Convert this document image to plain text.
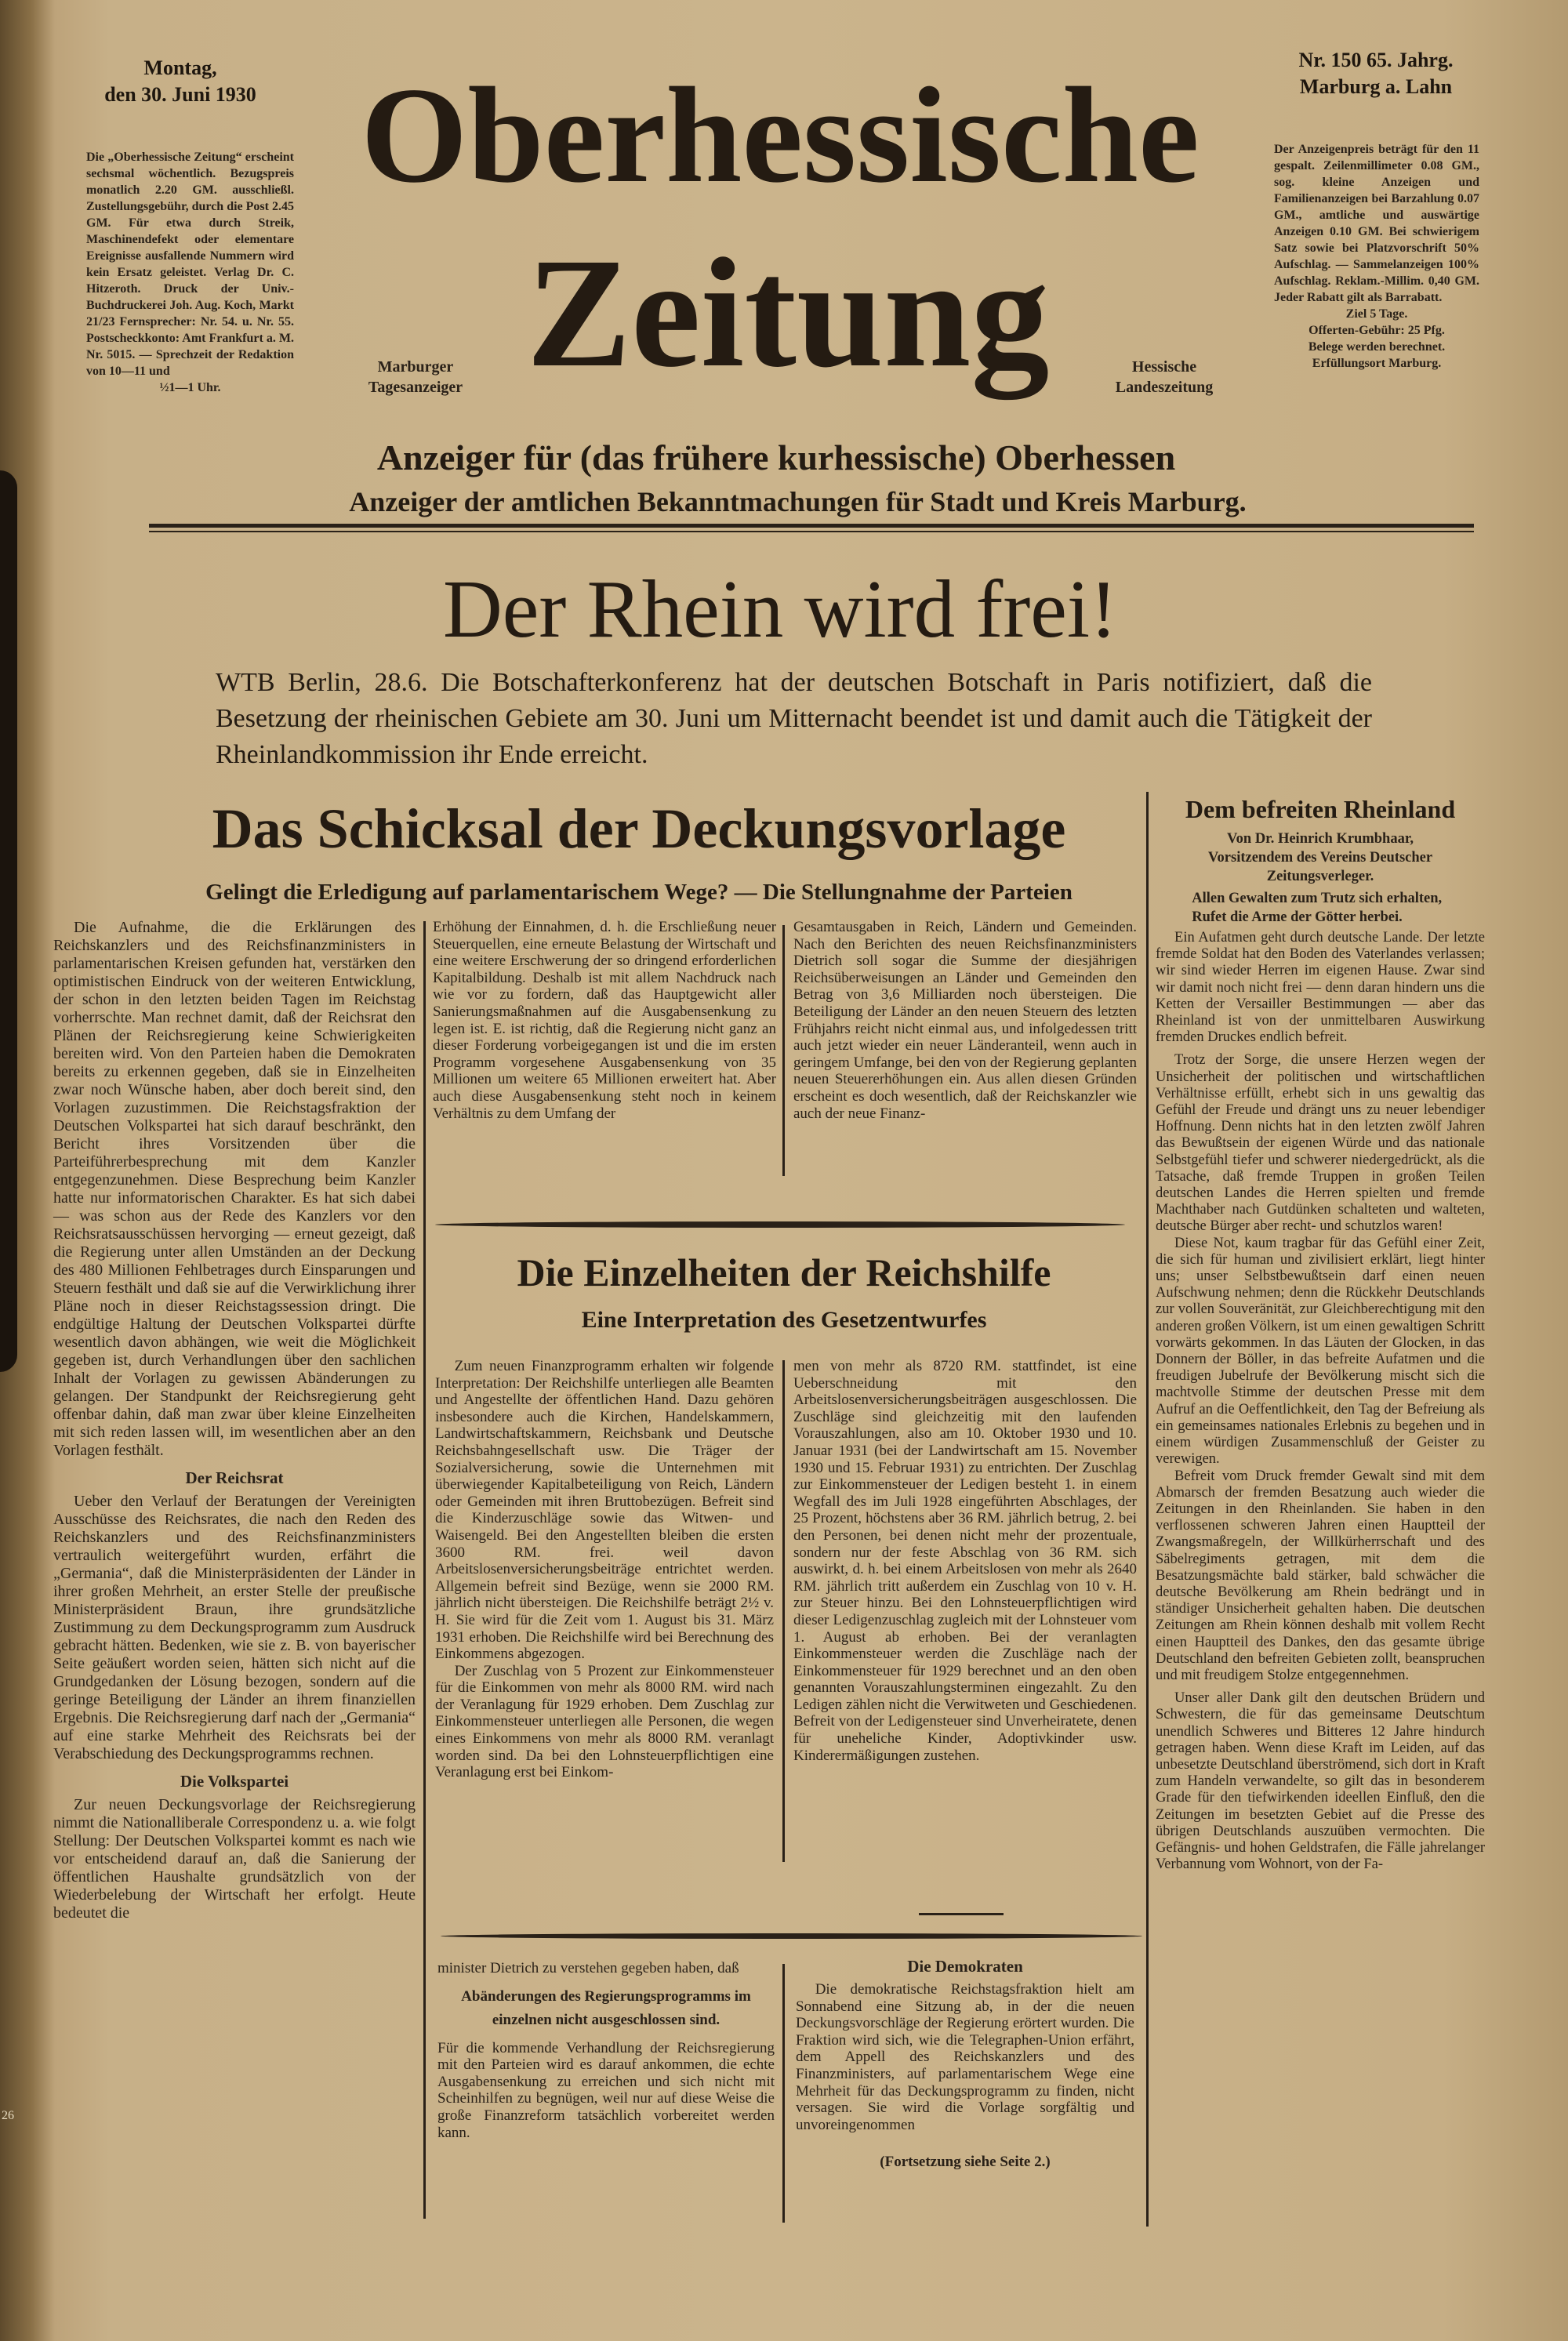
26
Montag,
den 30. Juni 1930
Nr. 150 65. Jahrg.
Marburg a. Lahn
Die „Oberhessische Zeitung“ erscheint sechsmal wöchentlich. Bezugspreis monatlich 2.20 GM. ausschließl. Zustellungsgebühr, durch die Post 2.45 GM. Für etwa durch Streik, Maschinendefekt oder elementare Ereignisse ausfallende Nummern wird kein Ersatz geleistet. Verlag Dr. C. Hitzeroth. Druck der Univ.-Buchdruckerei Joh. Aug. Koch, Markt 21/23 Fernsprecher: Nr. 54. u. Nr. 55. Postscheckkonto: Amt Frankfurt a. M. Nr. 5015. — Sprechzeit der Redaktion von 10—11 und
½1—1 Uhr.
Der Anzeigenpreis beträgt für den 11 gespalt. Zeilenmillimeter 0.08 GM., sog. kleine Anzeigen und Familienanzeigen bei Barzahlung 0.07 GM., amtliche und auswärtige Anzeigen 0.10 GM. Bei schwierigem Satz sowie bei Platzvorschrift 50% Aufschlag. — Sammelanzeigen 100% Aufschlag. Reklam.-Millim. 0,40 GM. Jeder Rabatt gilt als Barrabatt.
Ziel 5 Tage.
Offerten-Gebühr: 25 Pfg.
Belege werden berechnet.
Erfüllungsort Marburg.
Oberhessische
Zeitung
Marburger
Tagesanzeiger
Hessische
Landeszeitung
Anzeiger für (das frühere kurhessische) Oberhessen
Anzeiger der amtlichen Bekanntmachungen für Stadt und Kreis Marburg.
Der Rhein wird frei!
WTB Berlin, 28.6. Die Botschafterkonferenz hat der deutschen Botschaft in Paris notifiziert, daß die Besetzung der rheinischen Gebiete am 30. Juni um Mitternacht beendet ist und damit auch die Tätigkeit der Rheinlandkommission ihr Ende erreicht.
Das Schicksal der Deckungsvorlage
Gelingt die Erledigung auf parlamentarischem Wege? — Die Stellungnahme der Parteien

Die Aufnahme, die die Erklärungen des Reichskanzlers und des Reichsfinanzministers in parlamentarischen Kreisen gefunden hat, verstärken den optimistischen Eindruck von der weiteren Entwicklung, der schon in den letzten beiden Tagen im Reichstag vorherrschte. Man rechnet damit, daß der Reichsrat den Plänen der Reichsregierung keine Schwierigkeiten bereiten wird. Von den Parteien haben die Demokraten bereits zu erkennen gegeben, daß sie in Einzelheiten zwar noch Wünsche haben, aber doch bereit sind, den Vorlagen zuzustimmen. Die Reichstagsfraktion der Deutschen Volkspartei hat sich darauf beschränkt, den Bericht ihres Vorsitzenden über die Parteiführerbesprechung mit dem Kanzler entgegenzunehmen. Diese Besprechung beim Kanzler hatte nur informatorischen Charakter. Es hat sich dabei — was schon aus der Rede des Kanzlers vor den Reichsratsausschüssen hervorging — erneut gezeigt, daß die Regierung unter allen Umständen an der Deckung des 480 Millionen Fehlbetrages durch Einsparungen und Steuern festhält und daß sie auf die Verwirklichung ihrer Pläne noch in dieser Reichstagssession dringt. Die endgültige Haltung der Deutschen Volkspartei dürfte wesentlich davon abhängen, wie weit die Möglichkeit gegeben ist, durch Verhandlungen über den sachlichen Inhalt der Vorlagen zu gewissen Abänderungen zu gelangen. Der Standpunkt der Reichsregierung geht offenbar dahin, daß man zwar über kleine Einzelheiten mit sich reden lassen will, im wesentlichen aber an den Vorlagen festhält.

Der Reichsrat

Ueber den Verlauf der Beratungen der Vereinigten Ausschüsse des Reichsrates, die nach den Reden des Reichskanzlers und des Reichsfinanzministers vertraulich weitergeführt wurden, erfährt die „Germania“, daß die Ministerpräsidenten der Länder in ihrer großen Mehrheit, an erster Stelle der preußische Ministerpräsident Braun, ihre grundsätzliche Zustimmung zu dem Deckungsprogramm zum Ausdruck gebracht hätten. Bedenken, wie sie z. B. von bayerischer Seite geäußert worden seien, hätten sich nicht auf die Grundgedanken der Lösung bezogen, sondern auf die geringe Beteiligung der Länder an ihrem finanziellen Ergebnis. Die Reichsregierung darf nach der „Germania“ auf eine starke Mehrheit des Reichsrats bei der Verabschiedung des Deckungsprogramms rechnen.

Die Volkspartei

Zur neuen Deckungsvorlage der Reichsregierung nimmt die Nationalliberale Correspondenz u. a. wie folgt Stellung: Der Deutschen Volkspartei kommt es nach wie vor entscheidend darauf an, daß die Sanierung der öffentlichen Haushalte grundsätzlich von der Wiederbelebung der Wirtschaft her erfolgt. Heute bedeutet die

Erhöhung der Einnahmen, d. h. die Erschließung neuer Steuerquellen, eine erneute Belastung der Wirtschaft und eine weitere Erschwerung der so dringend erforderlichen Kapitalbildung. Deshalb ist mit allem Nachdruck nach wie vor zu fordern, daß das Hauptgewicht aller Sanierungsmaßnahmen auf die Ausgabensenkung zu legen ist. E. ist richtig, daß die Regierung nicht ganz an dieser Forderung vorbeigegangen ist und die im ersten Programm vorgesehene Ausgabensenkung von 35 Millionen um weitere 65 Millionen erweitert hat. Aber auch diese Ausgabensenkung steht noch in keinem Verhältnis zu dem Umfang der

Gesamtausgaben in Reich, Ländern und Gemeinden. Nach den Berichten des neuen Reichsfinanzministers Dietrich soll sogar die Summe der diesjährigen Reichsüberweisungen an Länder und Gemeinden den Betrag von 3,6 Milliarden noch übersteigen. Die Beteiligung der Länder an den neuen Steuern des letzten Frühjahrs reicht nicht einmal aus, und infolgedessen tritt auch jetzt wieder ein neuer Länderanteil, wenn auch in geringem Umfange, bei den von der Regierung geplanten neuen Steuererhöhungen ein. Aus allen diesen Gründen erscheint es doch wesentlich, daß der Reichskanzler wie auch der neue Finanz-

Die Einzelheiten der Reichshilfe
Eine Interpretation des Gesetzentwurfes

Zum neuen Finanzprogramm erhalten wir folgende Interpretation: Der Reichshilfe unterliegen alle Beamten und Angestellte der öffentlichen Hand. Dazu gehören insbesondere auch die Kirchen, Handelskammern, Landwirtschaftskammern, Reichsbank und Deutsche Reichsbahngesellschaft usw. Die Träger der Sozialversicherung, sowie die Unternehmen mit überwiegender Kapitalbeteiligung von Reich, Ländern oder Gemeinden mit ihren Bruttobezügen. Befreit sind die Kinderzuschläge sowie das Witwen- und Waisengeld. Bei den Angestellten bleiben die ersten 3600 RM. frei. weil davon Arbeitslosenversicherungsbeiträge entrichtet werden. Allgemein befreit sind Bezüge, wenn sie 2000 RM. jährlich nicht übersteigen. Die Reichshilfe beträgt 2½ v. H. Sie wird für die Zeit vom 1. August bis 31. März 1931 erhoben. Die Reichshilfe wird bei Berechnung des Einkommens abgezogen.

Der Zuschlag von 5 Prozent zur Einkommensteuer für die Einkommen von mehr als 8000 RM. wird nach der Veranlagung für 1929 erhoben. Dem Zuschlag zur Einkommensteuer unterliegen alle Personen, die wegen eines Einkommens von mehr als 8000 RM. veranlagt worden sind. Da bei den Lohnsteuerpflichtigen eine Veranlagung erst bei Einkom-

men von mehr als 8720 RM. stattfindet, ist eine Ueberschneidung mit den Arbeitslosenversicherungsbeiträgen ausgeschlossen. Die Zuschläge sind gleichzeitig mit den laufenden Vorauszahlungen, also am 10. Oktober 1930 und 10. Januar 1931 (bei der Landwirtschaft am 15. November 1930 und 15. Februar 1931) zu entrichten. Der Zuschlag zur Einkommensteuer der Ledigen besteht 1. in einem Wegfall des im Juli 1928 eingeführten Abschlages, der 25 Prozent, höchstens aber 36 RM. jährlich betrug, 2. bei den Personen, bei denen nicht mehr der prozentuale, sondern nur der feste Abschlag von 36 RM. sich auswirkt, d. h. bei einem Arbeitslosen von mehr als 2640 RM. jährlich tritt außerdem ein Zuschlag von 10 v. H. zur Steuer hinzu. Bei den Lohnsteuerpflichtigen wird dieser Ledigenzuschlag zugleich mit der Lohnsteuer vom 1. August ab erhoben. Bei der veranlagten Einkommensteuer werden die Zuschläge nach der Einkommensteuer für 1929 berechnet und an den oben genannten Vorauszahlungsterminen eingezahlt. Zu den Ledigen zählen nicht die Verwitweten und Geschiedenen. Befreit von der Ledigensteuer sind Unverheiratete, denen für uneheliche Kinder, Adoptivkinder usw. Kinderermäßigungen zustehen.

minister Dietrich zu verstehen gegeben haben, daß

Abänderungen des Regierungsprogramms im einzelnen nicht ausgeschlossen sind.

Für die kommende Verhandlung der Reichsregierung mit den Parteien wird es darauf ankommen, die echte Ausgabensenkung zu erreichen und sich nicht mit Scheinhilfen zu begnügen, weil nur auf diese Weise die große Finanzreform tatsächlich vorbereitet werden kann.

Die Demokraten

Die demokratische Reichstagsfraktion hielt am Sonnabend eine Sitzung ab, in der die neuen Deckungsvorschläge der Regierung erörtert wurden. Die Fraktion wird sich, wie die Telegraphen-Union erfährt, dem Appell des Reichskanzlers und des Finanzministers, auf parlamentarischem Wege eine Mehrheit für das Deckungsprogramm zu finden, nicht versagen. Sie wird die Vorlage sorgfältig und unvoreingenommen

(Fortsetzung siehe Seite 2.)
Dem befreiten Rheinland
Von Dr. Heinrich Krumbhaar,
Vorsitzendem des Vereins Deutscher
Zeitungsverleger.
Allen Gewalten zum Trutz sich erhalten,
Rufet die Arme der Götter herbei.

Ein Aufatmen geht durch deutsche Lande. Der letzte fremde Soldat hat den Boden des Vaterlandes verlassen; wir sind wieder Herren im eigenen Hause. Zwar sind wir damit noch nicht frei — denn daran hindern uns die Ketten der Versailler Bestimmungen — aber das Rheinland ist von der unmittelbaren Auswirkung fremden Druckes endlich befreit.

Trotz der Sorge, die unsere Herzen wegen der Unsicherheit der politischen und wirtschaftlichen Verhältnisse erfüllt, erhebt sich in uns gewaltig das Gefühl der Freude und drängt uns zu neuer lebendiger Hoffnung. Denn nichts hat in den letzten zwölf Jahren das Bewußtsein der eigenen Würde und das nationale Selbstgefühl tiefer und schwerer niedergedrückt, als die Tatsache, daß fremde Truppen in großen Teilen deutschen Landes die Herren spielten und fremde Machthaber nach Gutdünken schalteten und walteten, deutsche Bürger aber recht- und schutzlos waren!

Diese Not, kaum tragbar für das Gefühl einer Zeit, die sich für human und zivilisiert erklärt, liegt hinter uns; unser Selbstbewußtsein darf einen neuen Aufschwung nehmen; denn die Rückkehr Deutschlands zur vollen Souveränität, zur Gleichberechtigung mit den anderen großen Völkern, ist um einen gewaltigen Schritt vorwärts gekommen. In das Läuten der Glocken, in das Donnern der Böller, in das befreite Aufatmen und die freudigen Jubelrufe der Bevölkerung mischt sich die machtvolle Stimme der deutschen Presse mit dem Aufruf an die Oeffentlichkeit, den Tag der Befreiung als ein gemeinsames nationales Erlebnis zu begehen und in einem würdigen Zusammenschluß der Geister zu verewigen.

Befreit vom Druck fremder Gewalt sind mit dem Abmarsch der fremden Besatzung auch wieder die Zeitungen in den Rheinlanden. Sie haben in den verflossenen schweren Jahren einen Hauptteil der Zwangsmaßregeln, der Willkürherrschaft und des Säbelregiments getragen, mit dem die Besatzungsmächte bald stärker, bald schwächer die deutsche Bevölkerung am Rhein bedrängt und in ständiger Unsicherheit gehalten haben. Die deutschen Zeitungen am Rhein können deshalb mit vollem Recht einen Hauptteil des Dankes, den das gesamte übrige Deutschland den befreiten Gebieten zollt, beanspruchen und mit freudigem Stolze entgegennehmen.

Unser aller Dank gilt den deutschen Brüdern und Schwestern, die für das gemeinsame Deutschtum unendlich Schweres und Bitteres 12 Jahre hindurch getragen haben. Wenn diese Kraft im Leiden, auf das unbesetzte Deutschland überströmend, sich dort in Kraft zum Handeln verwandelte, so gilt das in besonderem Grade für den tiefwirkenden ideellen Einfluß, den die Zeitungen im besetzten Gebiet auf die Presse des übrigen Deutschlands auszuüben vermochten. Die Gefängnis- und hohen Geldstrafen, die Fälle jahrelanger Verbannung vom Wohnort, von der Fa-
